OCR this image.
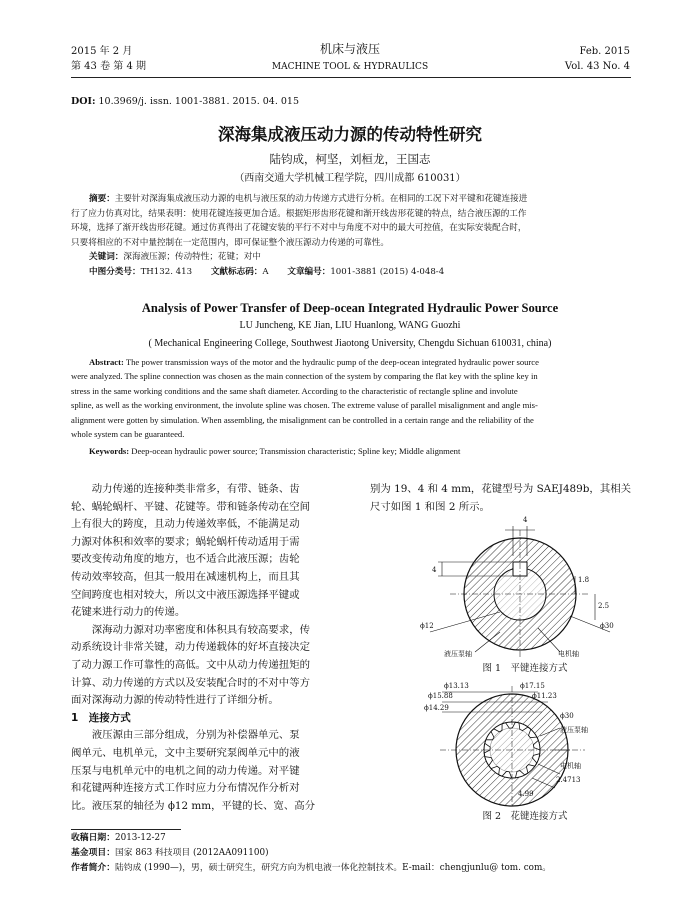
2015 年 2 月
第 43 卷 第 4 期
机床与液压
MACHINE TOOL & HYDRAULICS
Feb. 2015
Vol. 43 No. 4
DOI: 10.3969/j. issn. 1001-3881. 2015. 04. 015
深海集成液压动力源的传动特性研究
陆钧成，柯坚，刘桓龙，王国志
（西南交通大学机械工程学院，四川成都 610031）

摘要：主要针对深海集成液压动力源的电机与液压泵的动力传递方式进行分析。在相同的工况下对平键和花键连接进

行了应力仿真对比，结果表明：使用花键连接更加合适。根据矩形齿形花键和渐开线齿形花键的特点，结合液压源的工作

环境，选择了渐开线齿形花键。通过仿真得出了花键安装的平行不对中与角度不对中的最大可控值，在实际安装配合时，

只要将相应的不对中量控制在一定范围内，即可保证整个液压源动力传递的可靠性。

关键词：深海液压源；传动特性；花键；对中

中图分类号：TH132. 413 文献标志码：A 文章编号：1001-3881 (2015) 4-048-4

Analysis of Power Transfer of Deep-ocean Integrated Hydraulic Power Source
LU Juncheng, KE Jian, LIU Huanlong, WANG Guozhi
( Mechanical Engineering College, Southwest Jiaotong University, Chengdu Sichuan 610031, china)

Abstract: The power transmission ways of the motor and the hydraulic pump of the deep-ocean integrated hydraulic power source

were analyzed. The spline connection was chosen as the main connection of the system by comparing the flat key with the spline key in

stress in the same working conditions and the same shaft diameter. According to the characteristic of rectangle spline and involute

spline, as well as the working environment, the involute spline was chosen. The extreme valuse of parallel misalignment and angle mis-

alignment were gotten by simulation. When assembling, the misalignment can be controlled in a certain range and the reliability of the

whole system can be guaranteed.

Keywords: Deep-ocean hydraulic power source; Transmission characteristic; Spline key; Middle alignment

动力传递的连接种类非常多，有带、链条、齿

轮、蜗轮蜗杆、平键、花键等。带和链条传动在空间

上有很大的跨度，且动力传递效率低，不能满足动

力源对体积和效率的要求；蜗轮蜗杆传动适用于需

要改变传动角度的地方，也不适合此液压源；齿轮

传动效率较高，但其一般用在减速机构上，而且其

空间跨度也相对较大，所以文中液压源选择平键或

花键来进行动力的传递。

深海动力源对功率密度和体积具有较高要求，传

动系统设计非常关键，动力传递载体的好坏直接决定

了动力源工作可靠性的高低。文中从动力传递扭矩的

计算、动力传递的方式以及安装配合时的不对中等方

面对深海动力源的传动特性进行了详细分析。

1　连接方式

液压源由三部分组成，分别为补偿器单元、泵

阀单元、电机单元，文中主要研究泵阀单元中的液

压泵与电机单元中的电机之间的动力传递。对平键

和花键两种连接方式工作时应力分布情况作分析对

比。液压泵的轴径为 ϕ12 mm，平键的长、宽、高分

别为 19、4 和 4 mm，花键型号为 SAEJ489b，其相关

尺寸如图 1 和图 2 所示。

4
4
1.8
2.5
ϕ12	ϕ30
液压泵轴	电机轴
图 1　平键连接方式
ϕ13.13	ϕ17.15
ϕ15.88	ϕ11.23
ϕ14.29
ϕ30
液压泵轴
电机轴
2.4713
4.99
图 2　花键连接方式

收稿日期：2013-12-27

基金项目：国家 863 科技项目 (2012AA091100)

作者简介：陆钧成 (1990—)，男，硕士研究生，研究方向为机电液一体化控制技术。E-mail：chengjunlu@ tom. com。
